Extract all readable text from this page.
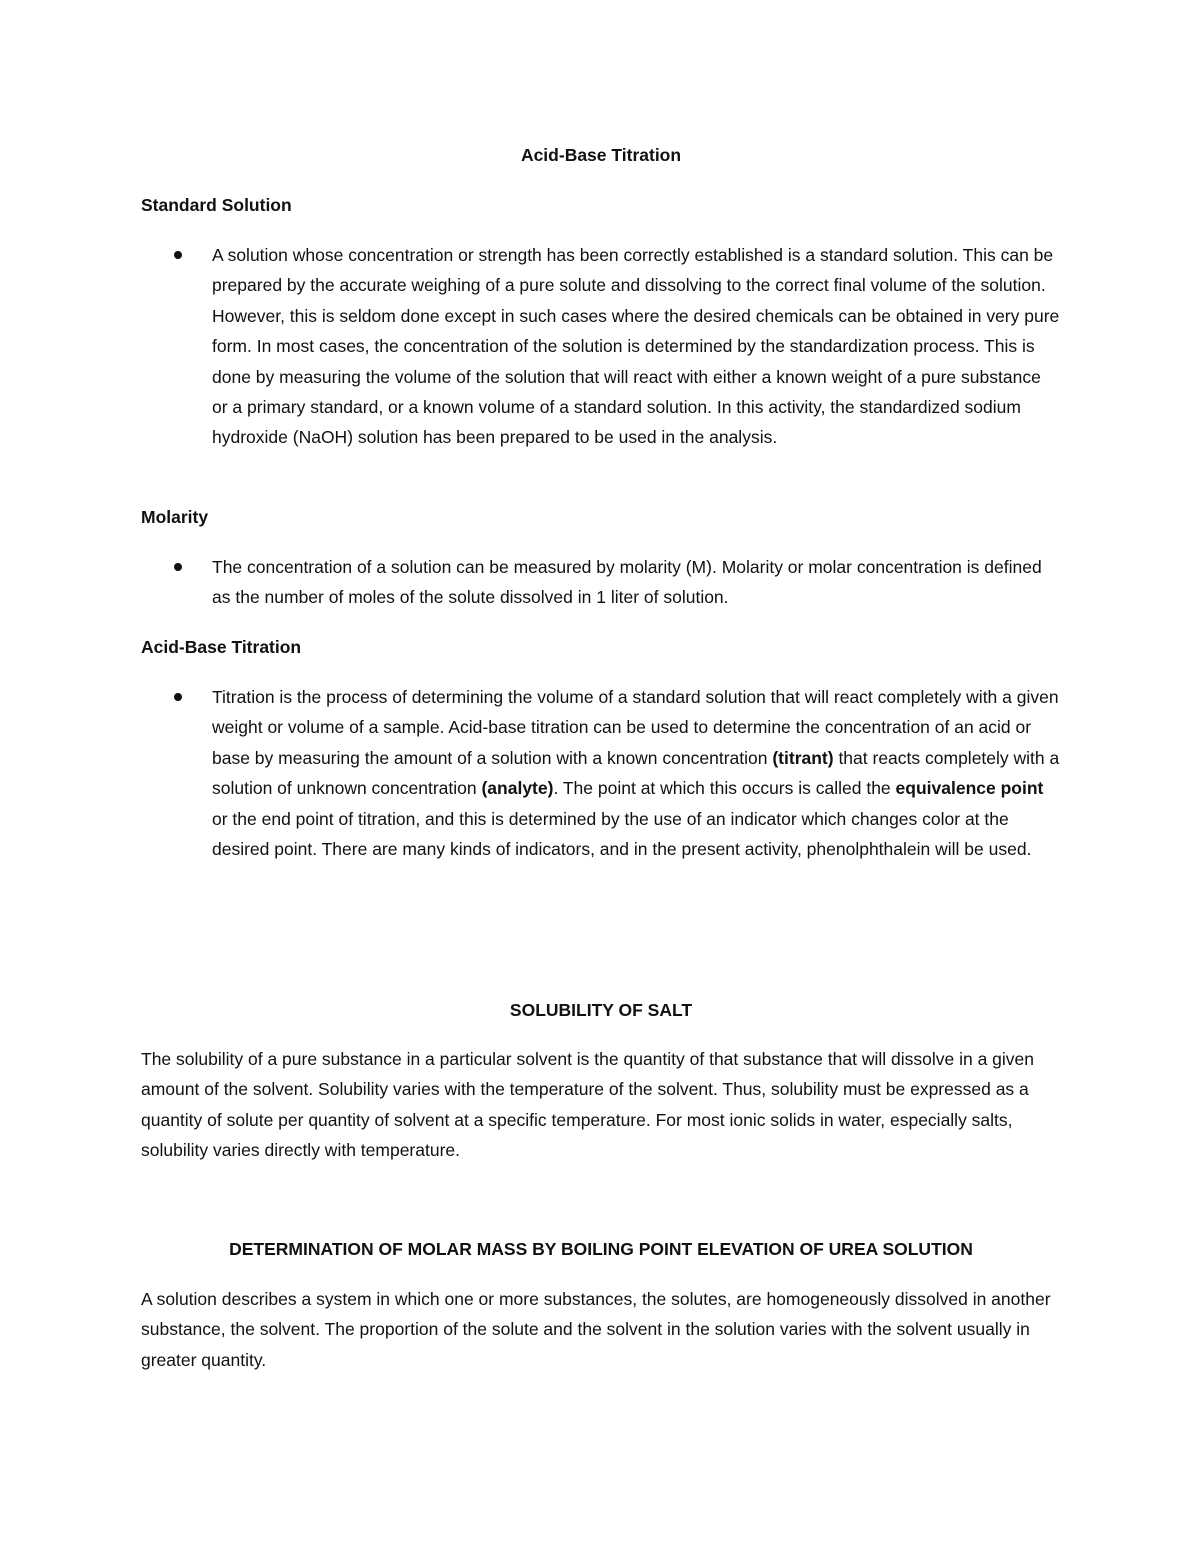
Acid-Base Titration
Standard Solution
A solution whose concentration or strength has been correctly established is a standard solution. This can be prepared by the accurate weighing of a pure solute and dissolving to the correct final volume of the solution. However, this is seldom done except in such cases where the desired chemicals can be obtained in very pure form. In most cases, the concentration of the solution is determined by the standardization process. This is done by measuring the volume of the solution that will react with either a known weight of a pure substance or a primary standard, or a known volume of a standard solution. In this activity, the standardized sodium hydroxide (NaOH) solution has been prepared to be used in the analysis.
Molarity
The concentration of a solution can be measured by molarity (M). Molarity or molar concentration is defined as the number of moles of the solute dissolved in 1 liter of solution.
Acid-Base Titration
Titration is the process of determining the volume of a standard solution that will react completely with a given weight or volume of a sample. Acid-base titration can be used to determine the concentration of an acid or base by measuring the amount of a solution with a known concentration (titrant) that reacts completely with a solution of unknown concentration (analyte). The point at which this occurs is called the equivalence point or the end point of titration, and this is determined by the use of an indicator which changes color at the desired point. There are many kinds of indicators, and in the present activity, phenolphthalein will be used.
SOLUBILITY OF SALT
The solubility of a pure substance in a particular solvent is the quantity of that substance that will dissolve in a given amount of the solvent. Solubility varies with the temperature of the solvent. Thus, solubility must be expressed as a quantity of solute per quantity of solvent at a specific temperature. For most ionic solids in water, especially salts, solubility varies directly with temperature.
DETERMINATION OF MOLAR MASS BY BOILING POINT ELEVATION OF UREA SOLUTION
A solution describes a system in which one or more substances, the solutes, are homogeneously dissolved in another substance, the solvent. The proportion of the solute and the solvent in the solution varies with the solvent usually in greater quantity.
